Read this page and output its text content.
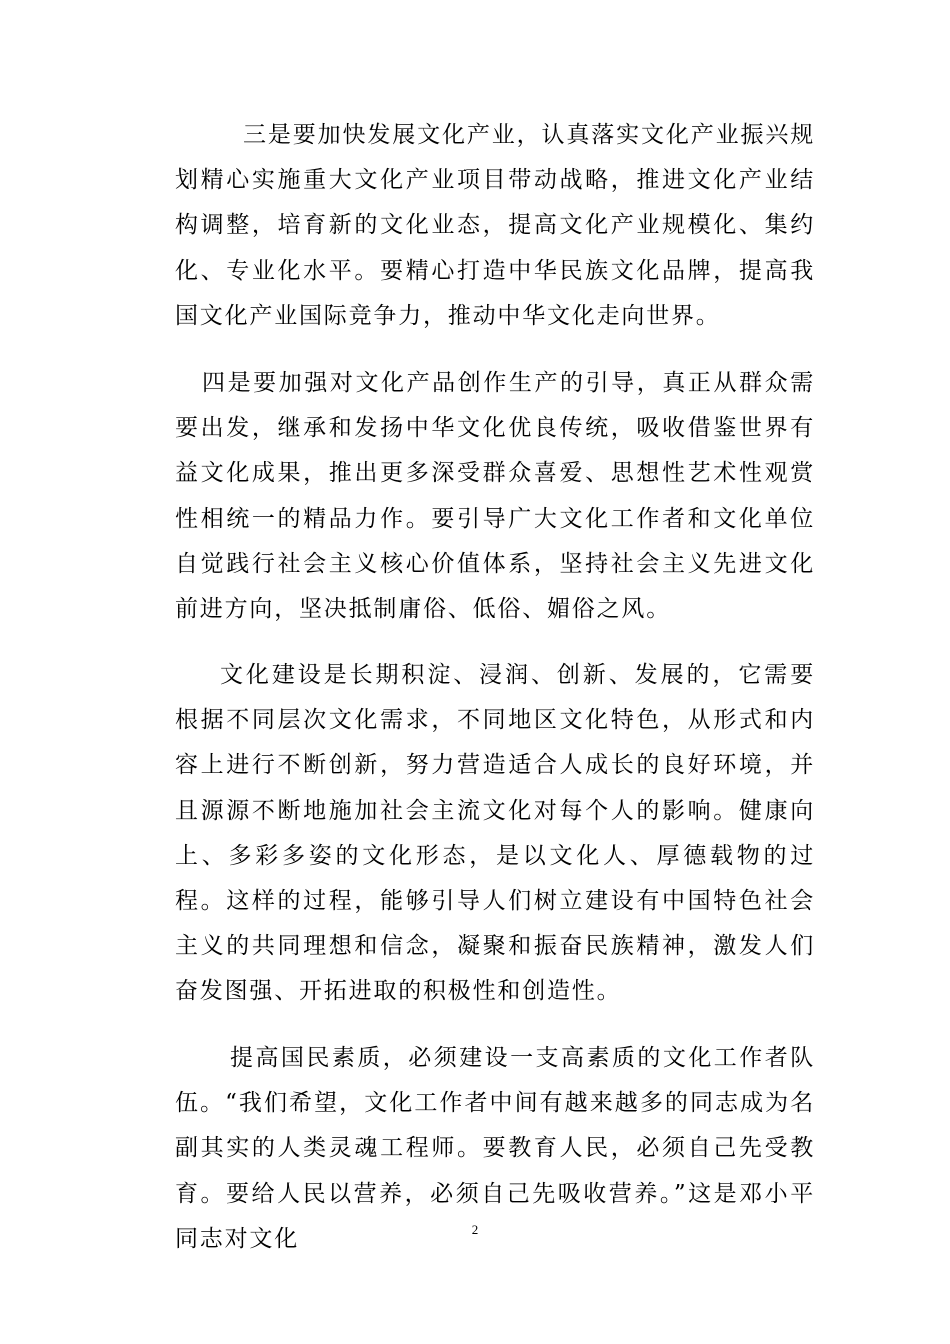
三是要加快发展文化产业，认真落实文化产业振兴规划精心实施重大文化产业项目带动战略，推进文化产业结构调整，培育新的文化业态，提高文化产业规模化、集约化、专业化水平。要精心打造中华民族文化品牌，提高我国文化产业国际竞争力，推动中华文化走向世界。

四是要加强对文化产品创作生产的引导，真正从群众需要出发，继承和发扬中华文化优良传统，吸收借鉴世界有益文化成果，推出更多深受群众喜爱、思想性艺术性观赏性相统一的精品力作。要引导广大文化工作者和文化单位自觉践行社会主义核心价值体系，坚持社会主义先进文化前进方向，坚决抵制庸俗、低俗、媚俗之风。

文化建设是长期积淀、浸润、创新、发展的，它需要根据不同层次文化需求，不同地区文化特色，从形式和内容上进行不断创新，努力营造适合人成长的良好环境，并且源源不断地施加社会主流文化对每个人的影响。健康向上、多彩多姿的文化形态，是以文化人、厚德载物的过程。这样的过程，能够引导人们树立建设有中国特色社会主义的共同理想和信念，凝聚和振奋民族精神，激发人们奋发图强、开拓进取的积极性和创造性。

提高国民素质，必须建设一支高素质的文化工作者队伍。“我们希望，文化工作者中间有越来越多的同志成为名副其实的人类灵魂工程师。要教育人民，必须自己先受教育。要给人民以营养，必须自己先吸收营养。”这是邓小平同志对文化	2
